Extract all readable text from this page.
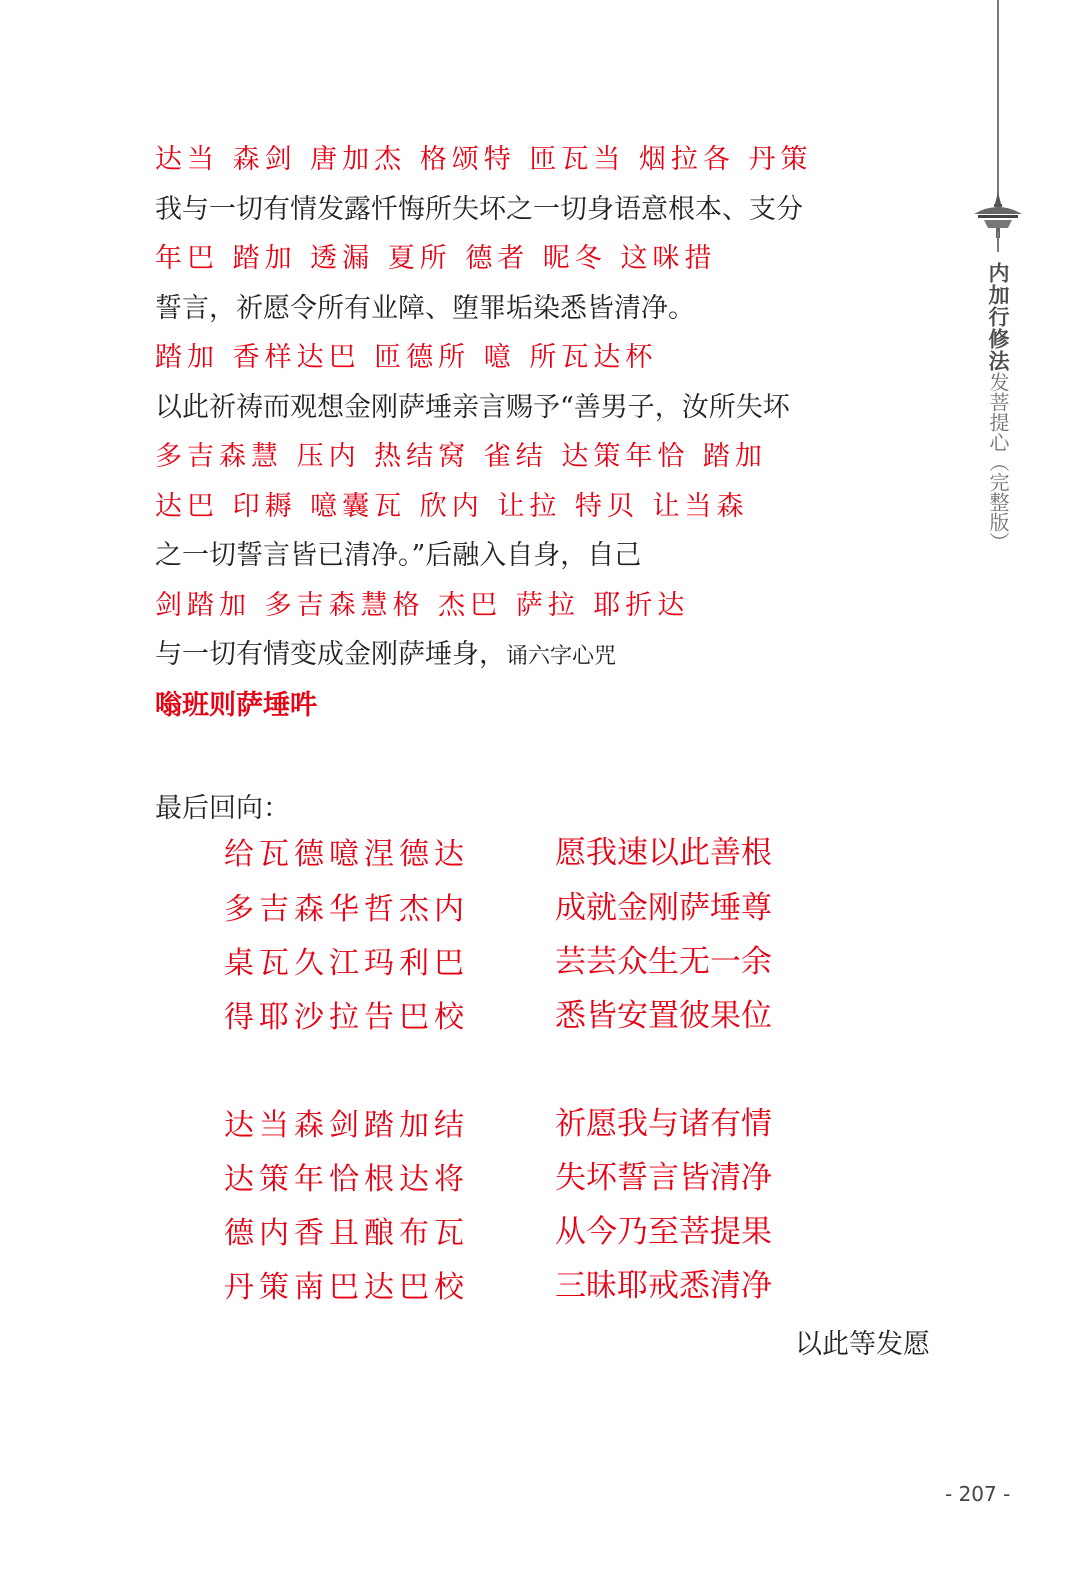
内加行修法
发菩提心（完整版）
达当 森剑 唐加杰 格颂特 匝瓦当 烟拉各 丹策
我与一切有情发露忏悔所失坏之一切身语意根本、支分
年巴 踏加 透漏 夏所 德者 昵冬 这咪措
誓言，祈愿令所有业障、堕罪垢染悉皆清净。
踏加 香样达巴 匝德所 噫 所瓦达杯
以此祈祷而观想金刚萨埵亲言赐予“善男子，汝所失坏
多吉森慧 压内 热结窝 雀结 达策年恰 踏加
达巴 印耨 噫囊瓦 欣内 让拉 特贝 让当森
之一切誓言皆已清净。”后融入自身，自己
剑踏加 多吉森慧格 杰巴 萨拉 耶折达
与一切有情变成金刚萨埵身，诵六字心咒
嗡班则萨埵吽
最后回向：
给瓦德噫涅德达	愿我速以此善根
多吉森华哲杰内	成就金刚萨埵尊
桌瓦久江玛利巴	芸芸众生无一余
得耶沙拉告巴校	悉皆安置彼果位
达当森剑踏加结	祈愿我与诸有情
达策年恰根达将	失坏誓言皆清净
德内香且酿布瓦	从今乃至菩提果
丹策南巴达巴校	三昧耶戒悉清净
以此等发愿
- 207 -
